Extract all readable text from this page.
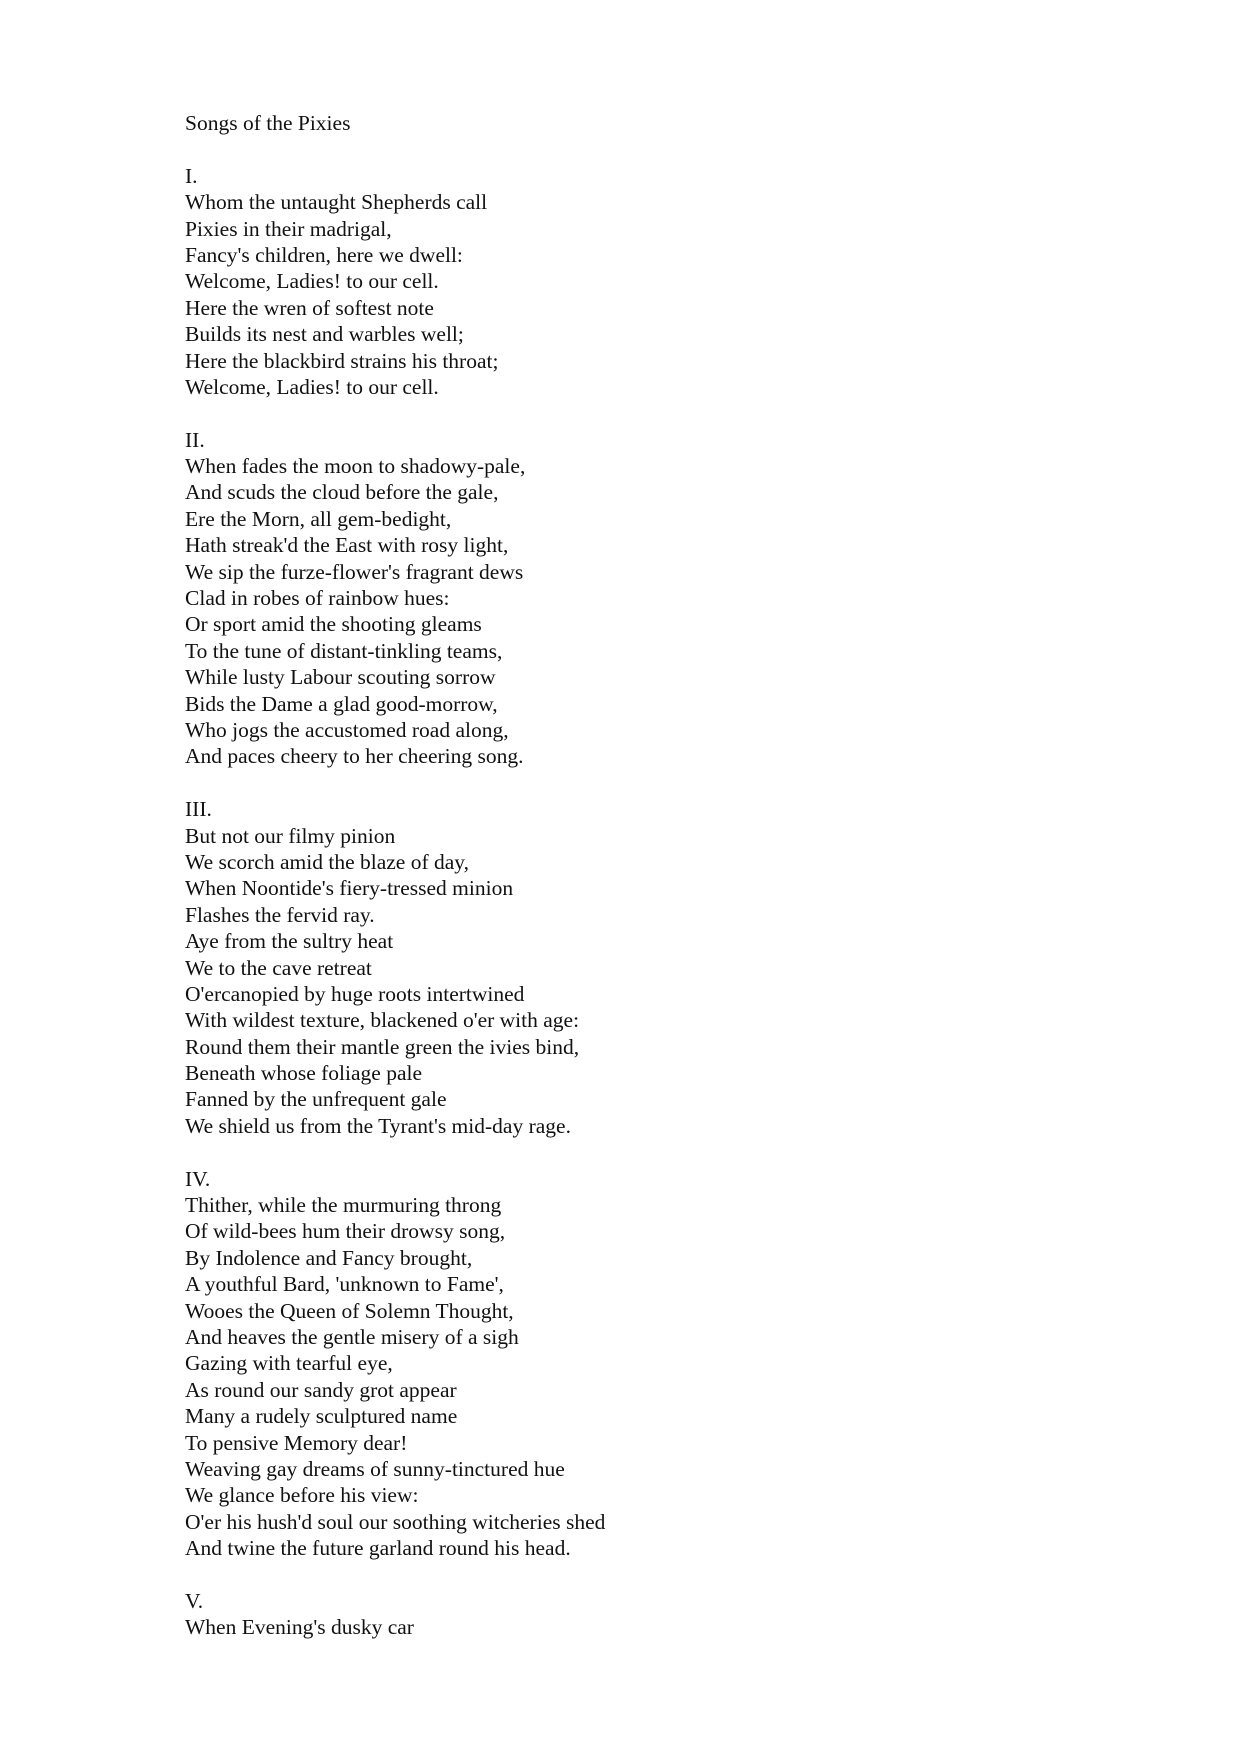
Songs of the Pixies
I.
Whom the untaught Shepherds call
Pixies in their madrigal,
Fancy's children, here we dwell:
Welcome, Ladies! to our cell.
Here the wren of softest note
Builds its nest and warbles well;
Here the blackbird strains his throat;
Welcome, Ladies! to our cell.
II.
When fades the moon to shadowy-pale,
And scuds the cloud before the gale,
Ere the Morn, all gem-bedight,
Hath streak'd the East with rosy light,
We sip the furze-flower's fragrant dews
Clad in robes of rainbow hues:
Or sport amid the shooting gleams
To the tune of distant-tinkling teams,
While lusty Labour scouting sorrow
Bids the Dame a glad good-morrow,
Who jogs the accustomed road along,
And paces cheery to her cheering song.
III.
But not our filmy pinion
We scorch amid the blaze of day,
When Noontide's fiery-tressed minion
Flashes the fervid ray.
Aye from the sultry heat
We to the cave retreat
O'ercanopied by huge roots intertwined
With wildest texture, blackened o'er with age:
Round them their mantle green the ivies bind,
Beneath whose foliage pale
Fanned by the unfrequent gale
We shield us from the Tyrant's mid-day rage.
IV.
Thither, while the murmuring throng
Of wild-bees hum their drowsy song,
By Indolence and Fancy brought,
A youthful Bard, 'unknown to Fame',
Wooes the Queen of Solemn Thought,
And heaves the gentle misery of a sigh
Gazing with tearful eye,
As round our sandy grot appear
Many a rudely sculptured name
To pensive Memory dear!
Weaving gay dreams of sunny-tinctured hue
We glance before his view:
O'er his hush'd soul our soothing witcheries shed
And twine the future garland round his head.
V.
When Evening's dusky car
